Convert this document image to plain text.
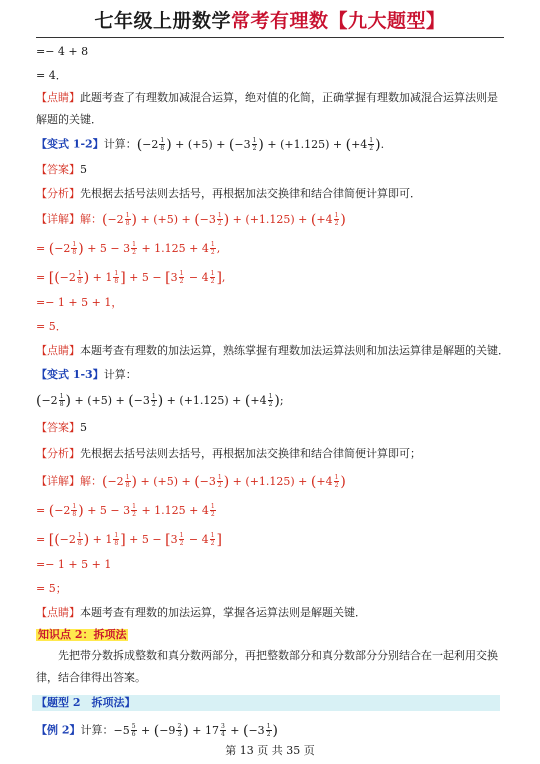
七年级上册数学常考有理数【九大题型】
=− 4 + 8
= 4．
【点睛】此题考查了有理数加减混合运算，绝对值的化简，正确掌握有理数加减混合运算法则是解题的关键．
【变式 1-2】计算：($-2 \frac{1}{8}$ ) + $(+5) + (-3 \frac{1}{2}$ ) + $(+1.125) + (+4 \frac{1}{2}$ ).
【答案】5
【分析】先根据去括号法则去括号，再根据加法交换律和结合律简便计算即可．
【详解】解：($-2 \frac{1}{8}$ ) + $(+5) + (-3 \frac{1}{2}$ ) + $(+1.125) + (+4 \frac{1}{2}$ )
= ($-2 \frac{1}{8}$ ) + $5 - 3 \frac{1}{2} + 1.125 + 4 \frac{1}{2}$ ,
= [($-2 \frac{1}{8}$ ) + $1 \frac{1}{8}$ ] + $5 - [3 \frac{1}{2} - 4 \frac{1}{2}$ ],
=− 1 + 5 + 1，
= 5．
【点睛】本题考查有理数的加法运算，熟练掌握有理数加法运算法则和加法运算律是解题的关键．
【变式 1-3】计算：
($-2 \frac{1}{8}$ ) + $(+5) + (-3 \frac{1}{2}$ ) + $(+1.125) + (+4 \frac{1}{2}$ );
【答案】5
【分析】先根据去括号法则去括号，再根据加法交换律和结合律简便计算即可；
【详解】解：($-2 \frac{1}{8}$ ) + $(+5) + (-3 \frac{1}{2}$ ) + $(+1.125) + (+4 \frac{1}{2}$ )
= ($-2 \frac{1}{8}$ ) + $5 - 3 \frac{1}{2} + 1.125 + 4 \frac{1}{2}$
= [($-2 \frac{1}{8}$ ) + $1 \frac{1}{8}$ ] + $5 - [3 \frac{1}{2} - 4 \frac{1}{2}$ ]
=− 1 + 5 + 1
= 5；
【点睛】本题考查有理数的加法运算，掌握各运算法则是解题关键．
知识点 2：拆项法
先把带分数拆成整数和真分数两部分，再把整数部分和真分数部分分别结合在一起利用交换律，结合律得出答案。
【题型 2　拆项法】
【例 2】计算：$-5 \frac{5}{6} + (-9 \frac{2}{3}$ ) + $17 \frac{3}{4} + (-3 \frac{1}{2}$ )
第 13 页 共 35 页
